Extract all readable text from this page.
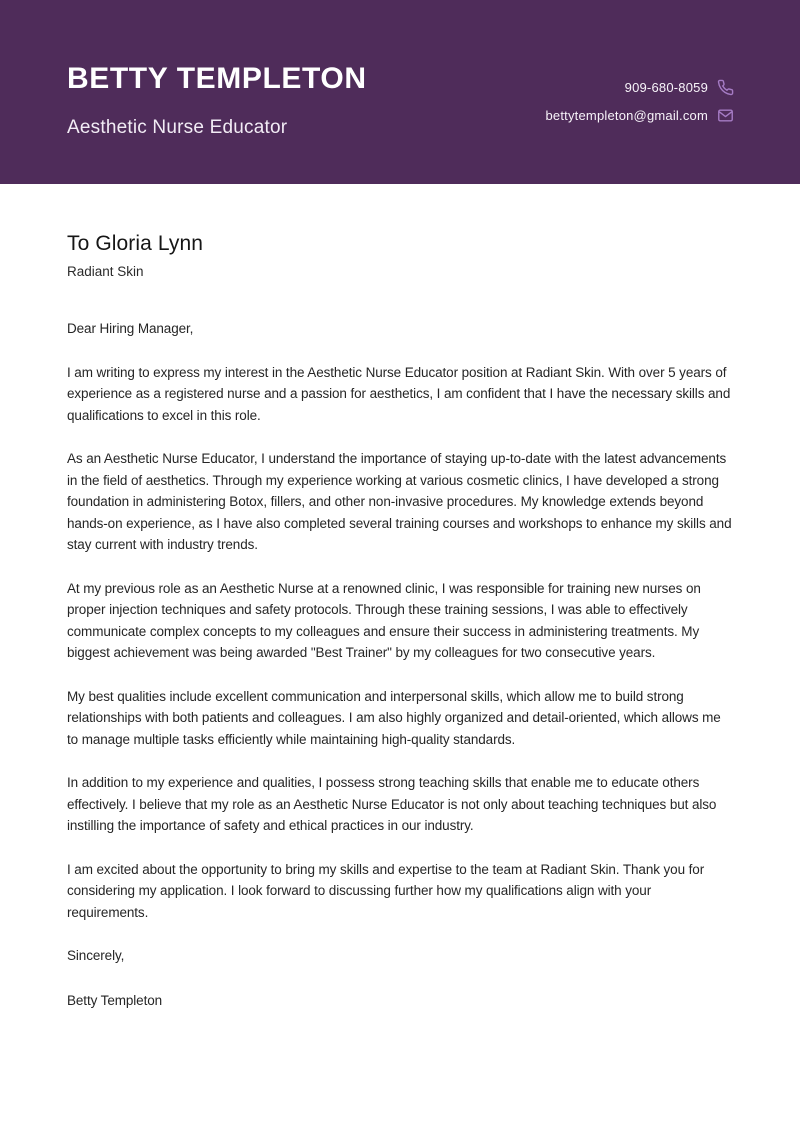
BETTY TEMPLETON
Aesthetic Nurse Educator
909-680-8059
bettytempleton@gmail.com
To Gloria Lynn
Radiant Skin

Dear Hiring Manager,

I am writing to express my interest in the Aesthetic Nurse Educator position at Radiant Skin. With over 5 years of experience as a registered nurse and a passion for aesthetics, I am confident that I have the necessary skills and qualifications to excel in this role.

As an Aesthetic Nurse Educator, I understand the importance of staying up-to-date with the latest advancements in the field of aesthetics. Through my experience working at various cosmetic clinics, I have developed a strong foundation in administering Botox, fillers, and other non-invasive procedures. My knowledge extends beyond hands-on experience, as I have also completed several training courses and workshops to enhance my skills and stay current with industry trends.

At my previous role as an Aesthetic Nurse at a renowned clinic, I was responsible for training new nurses on proper injection techniques and safety protocols. Through these training sessions, I was able to effectively communicate complex concepts to my colleagues and ensure their success in administering treatments. My biggest achievement was being awarded "Best Trainer" by my colleagues for two consecutive years.

My best qualities include excellent communication and interpersonal skills, which allow me to build strong relationships with both patients and colleagues. I am also highly organized and detail-oriented, which allows me to manage multiple tasks efficiently while maintaining high-quality standards.

In addition to my experience and qualities, I possess strong teaching skills that enable me to educate others effectively. I believe that my role as an Aesthetic Nurse Educator is not only about teaching techniques but also instilling the importance of safety and ethical practices in our industry.

I am excited about the opportunity to bring my skills and expertise to the team at Radiant Skin. Thank you for considering my application. I look forward to discussing further how my qualifications align with your requirements.

Sincerely,

Betty Templeton
